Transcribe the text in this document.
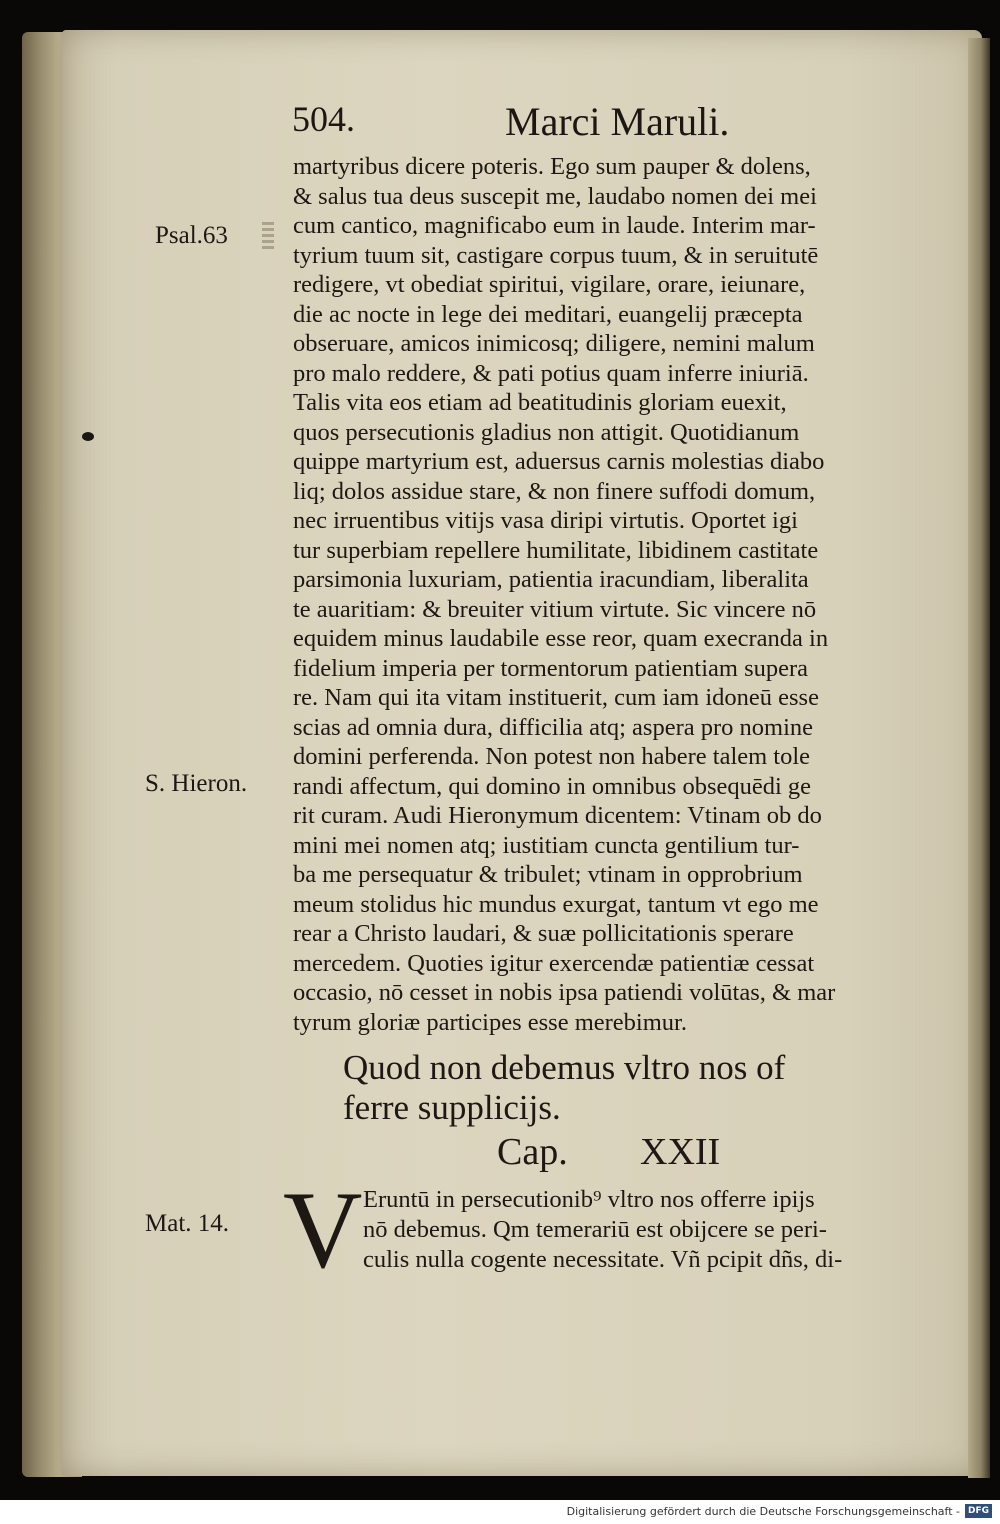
504.	Marci Maruli.
Psal.63
S. Hieron.
Mat. 14.
martyribus dicere poteris. Ego sum pauper & dolens,
& salus tua deus suscepit me, laudabo nomen dei mei
cum cantico, magnificabo eum in laude. Interim mar-
tyrium tuum sit, castigare corpus tuum, & in seruitutē
redigere, vt obediat spiritui, vigilare, orare, ieiunare,
die ac nocte in lege dei meditari, euangelij præcepta
obseruare, amicos inimicosq; diligere, nemini malum
pro malo reddere, & pati potius quam inferre iniuriā.
Talis vita eos etiam ad beatitudinis gloriam euexit,
quos persecutionis gladius non attigit. Quotidianum
quippe martyrium est, aduersus carnis molestias diabo
liq; dolos assidue stare, & non finere suffodi domum,
nec irruentibus vitijs vasa diripi virtutis. Oportet igi
tur superbiam repellere humilitate, libidinem castitate
parsimonia luxuriam, patientia iracundiam, liberalita
te auaritiam: & breuiter vitium virtute. Sic vincere nō
equidem minus laudabile esse reor, quam execranda in
fidelium imperia per tormentorum patientiam supera
re. Nam qui ita vitam instituerit, cum iam idoneū esse
scias ad omnia dura, difficilia atq; aspera pro nomine
domini perferenda. Non potest non habere talem tole
randi affectum, qui domino in omnibus obsequēdi ge
rit curam. Audi Hieronymum dicentem: Vtinam ob do
mini mei nomen atq; iustitiam cuncta gentilium tur-
ba me persequatur & tribulet; vtinam in opprobrium
meum stolidus hic mundus exurgat, tantum vt ego me
rear a Christo laudari, & suæ pollicitationis sperare
mercedem. Quoties igitur exercendæ patientiæ cessat
occasio, nō cesset in nobis ipsa patiendi volūtas, & mar
tyrum gloriæ participes esse merebimur.
Quod non debemus vltro nos of
ferre supplicijs.
Cap. XXII
V Eruntū in persecutionib⁹ vltro nos offerre ipijs
nō debemus. Qm temerariū est obijcere se peri-
culis nulla cogente necessitate. Vñ pcipit dñs, di-
Digitalisierung gefördert durch die Deutsche Forschungsgemeinschaft - DFG
